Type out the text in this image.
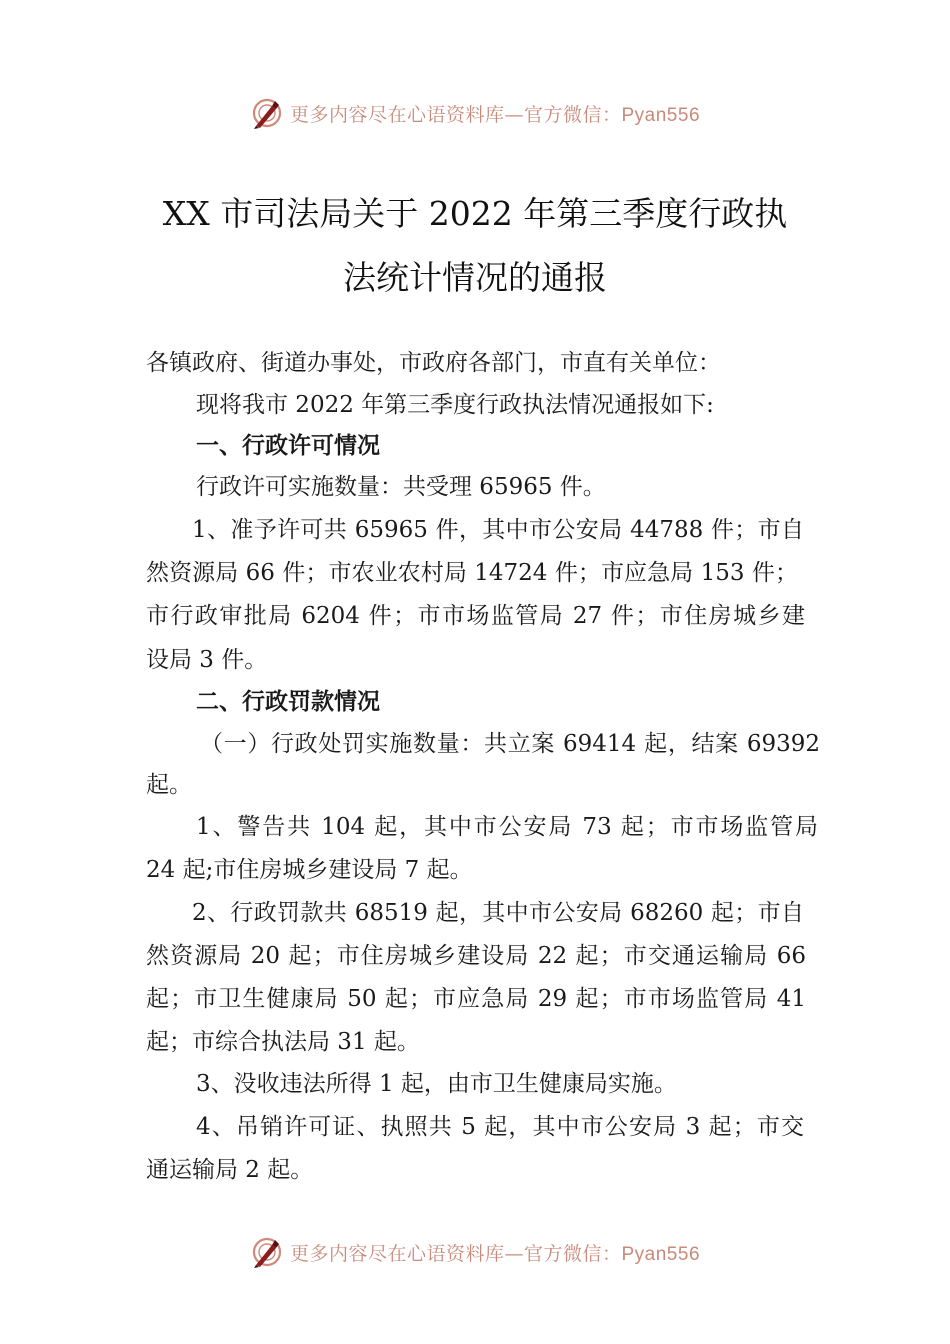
更多内容尽在心语资料库—官方微信：Pyan556
XX 市司法局关于 2022 年第三季度行政执
法统计情况的通报
各镇政府、街道办事处，市政府各部门，市直有关单位：
现将我市 2022 年第三季度行政执法情况通报如下:
一、行政许可情况
行政许可实施数量：共受理 65965 件。
1、准予许可共 65965 件，其中市公安局 44788 件；市自
然资源局 66 件；市农业农村局 14724 件；市应急局 153 件；
市行政审批局 6204 件；市市场监管局 27 件；市住房城乡建
设局 3 件。
二、行政罚款情况
（一）行政处罚实施数量：共立案 69414 起，结案 69392
起。
1、警告共 104 起，其中市公安局 73 起；市市场监管局
24 起;市住房城乡建设局 7 起。
2、行政罚款共 68519 起，其中市公安局 68260 起；市自
然资源局 20 起；市住房城乡建设局 22 起；市交通运输局 66
起；市卫生健康局 50 起；市应急局 29 起；市市场监管局 41
起；市综合执法局 31 起。
3、没收违法所得 1 起，由市卫生健康局实施。
4、吊销许可证、执照共 5 起，其中市公安局 3 起；市交
通运输局 2 起。
更多内容尽在心语资料库—官方微信：Pyan556
